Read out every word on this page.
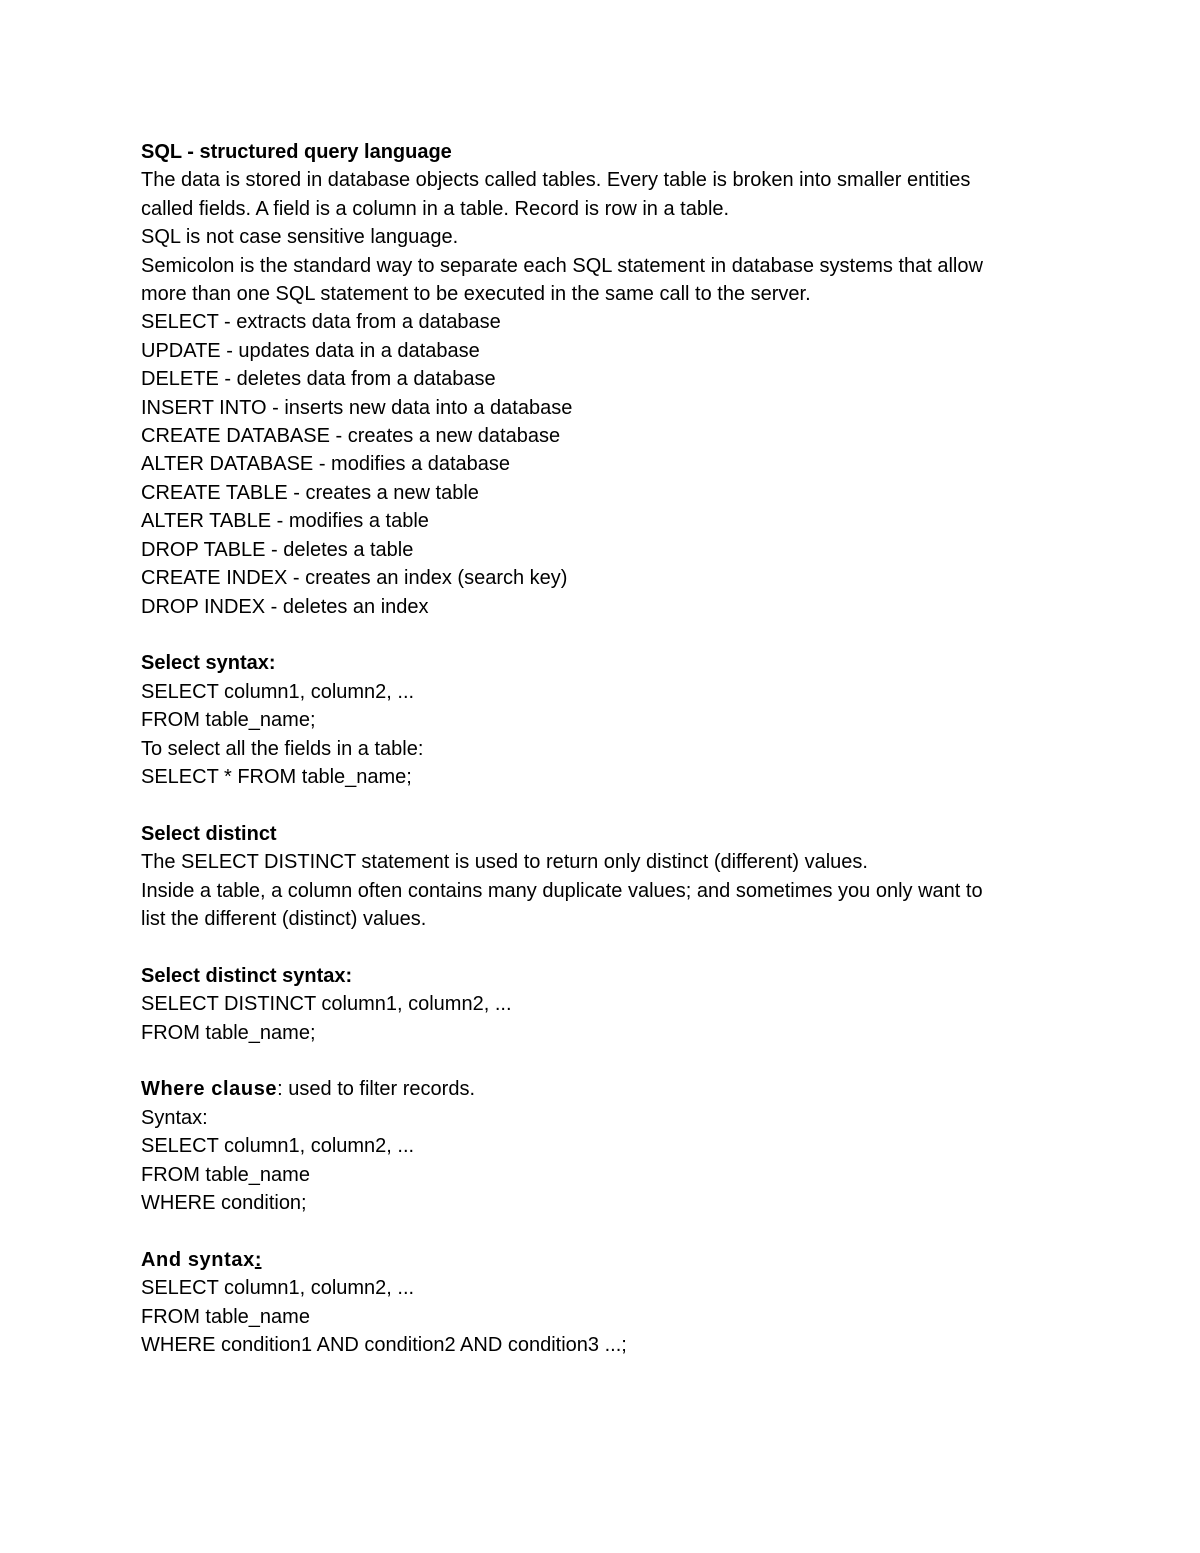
SQL - structured query language
The data is stored in database objects called tables. Every table is broken into smaller entities
called fields. A field is a column in a table. Record is row in a table.
SQL is not case sensitive language.
Semicolon is the standard way to separate each SQL statement in database systems that allow
more than one SQL statement to be executed in the same call to the server.
SELECT - extracts data from a database
UPDATE - updates data in a database
DELETE - deletes data from a database
INSERT INTO - inserts new data into a database
CREATE DATABASE - creates a new database
ALTER DATABASE - modifies a database
CREATE TABLE - creates a new table
ALTER TABLE - modifies a table
DROP TABLE - deletes a table
CREATE INDEX - creates an index (search key)
DROP INDEX - deletes an index
Select syntax:
SELECT column1, column2, ...
FROM table_name;
To select all the fields in a table:
SELECT * FROM table_name;
Select distinct
The SELECT DISTINCT statement is used to return only distinct (different) values.
Inside a table, a column often contains many duplicate values; and sometimes you only want to
list the different (distinct) values.
Select distinct syntax:
SELECT DISTINCT column1, column2, ...
FROM table_name;
Where clause: used to filter records.
Syntax:
SELECT column1, column2, ...
FROM table_name
WHERE condition;
And syntax:
SELECT column1, column2, ...
FROM table_name
WHERE condition1 AND condition2 AND condition3 ...;
